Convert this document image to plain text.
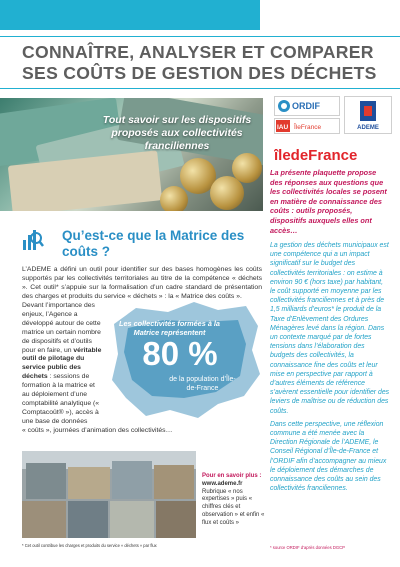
CONNAÎTRE, ANALYSER ET COMPARER
SES COÛTS DE GESTION DES DÉCHETS
Tout savoir sur les dispositifs proposés aux collectivités franciliennes
ORDIF
IAU ÎleFrance	ADEME
îledeFrance
La présente plaquette propose des réponses aux questions que les collectivités locales se posent en matière de connaissance des coûts : outils proposés, dispositifs auxquels elles ont accès…
La gestion des déchets municipaux est une compétence qui a un impact significatif sur le budget des collectivités territoriales : on estime à environ 90 € (hors taxe) par habitant, le coût supporté en moyenne par les collectivités franciliennes et à près de 1,5 milliards d’euros* le produit de la Taxe d’Enlèvement des Ordures Ménagères levé dans la région. Dans un contexte marqué par de fortes tensions dans l’élaboration des budgets des collectivités, la connaissance fine des coûts et leur mise en perspective par rapport à d’autres éléments de référence s’avèrent essentielle pour identifier des leviers de maîtrise ou de réduction des coûts.
Dans cette perspective, une réflexion commune a été menée avec la Direction Régionale de l’ADEME, le Conseil Régional d’Île-de-France et l’ORDIF afin d’accompagner au mieux le déploiement des démarches de connaissance des coûts au sein des collectivités franciliennes.
* source ORDIF d’après données DGCP
Qu’est-ce que la Matrice des coûts ?
L’ADEME a défini un outil pour identifier sur des bases homogènes les coûts supportés par les collectivités territoriales au titre de la compétence « déchets ». Cet outil* s’appuie sur la formalisation d’un cadre standard de présentation des charges et produits du service « déchets » : la « Matrice des coûts ».
Devant l’importance des enjeux, l’Agence a développé autour de cette matrice un certain nombre de dispositifs et d’outils pour en faire, un véritable outil de pilotage du service public des déchets : sessions de formation à la matrice et au déploiement d’une comptabilité analytique (« Comptacoût® »), accès à une base de données
« coûts », journées d’animation des collectivités…
Les collectivités formées à la Matrice représentent
80 %
de la population d’Île-de-France
Pour en savoir plus :
www.ademe.fr
Rubrique « nos expertises » puis « chiffres clés et observation » et enfin « flux et coûts »
* Cet outil contribue les charges et produits du service « déchets » par flux
